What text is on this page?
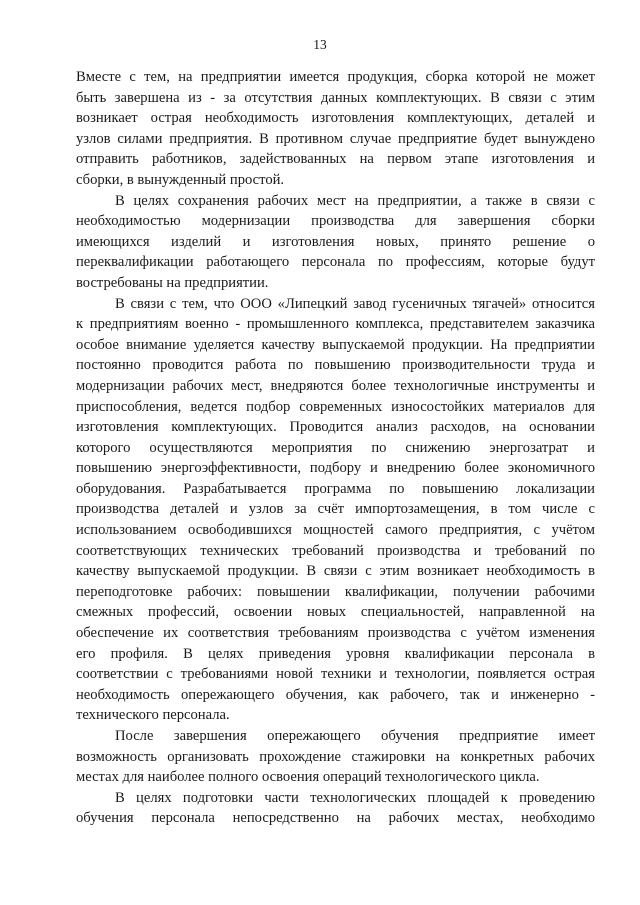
13

Вместе с тем, на предприятии имеется продукция, сборка которой не может

быть завершена из - за отсутствия данных комплектующих. В связи с этим

возникает острая необходимость изготовления комплектующих, деталей и

узлов силами предприятия. В противном случае предприятие будет вынуждено

отправить работников, задействованных на первом этапе изготовления и

сборки, в вынужденный простой.

В целях сохранения рабочих мест на предприятии, а также в связи с

необходимостью модернизации производства для завершения сборки

имеющихся изделий и изготовления новых, принято решение о

переквалификации работающего персонала по профессиям, которые будут

востребованы на предприятии.

В связи с тем, что ООО «Липецкий завод гусеничных тягачей» относится

к предприятиям военно - промышленного комплекса, представителем заказчика

особое внимание уделяется качеству выпускаемой продукции. На предприятии

постоянно проводится работа по повышению производительности труда и

модернизации рабочих мест, внедряются более технологичные инструменты и

приспособления, ведется подбор современных износостойких материалов для

изготовления комплектующих. Проводится анализ расходов, на основании

которого осуществляются мероприятия по снижению энергозатрат и

повышению энергоэффективности, подбору и внедрению более экономичного

оборудования. Разрабатывается программа по повышению локализации

производства деталей и узлов за счёт импортозамещения, в том числе с

использованием освободившихся мощностей самого предприятия, с учётом

соответствующих технических требований производства и требований по

качеству выпускаемой продукции. В связи с этим возникает необходимость в

переподготовке рабочих: повышении квалификации, получении рабочими

смежных профессий, освоении новых специальностей, направленной на

обеспечение их соответствия требованиям производства с учётом изменения

его профиля. В целях приведения уровня квалификации персонала в

соответствии с требованиями новой техники и технологии, появляется острая

необходимость опережающего обучения, как рабочего, так и инженерно -

технического персонала.

После завершения опережающего обучения предприятие имеет

возможность организовать прохождение стажировки на конкретных рабочих

местах для наиболее полного освоения операций технологического цикла.

В целях подготовки части технологических площадей к проведению

обучения персонала непосредственно на рабочих местах, необходимо
